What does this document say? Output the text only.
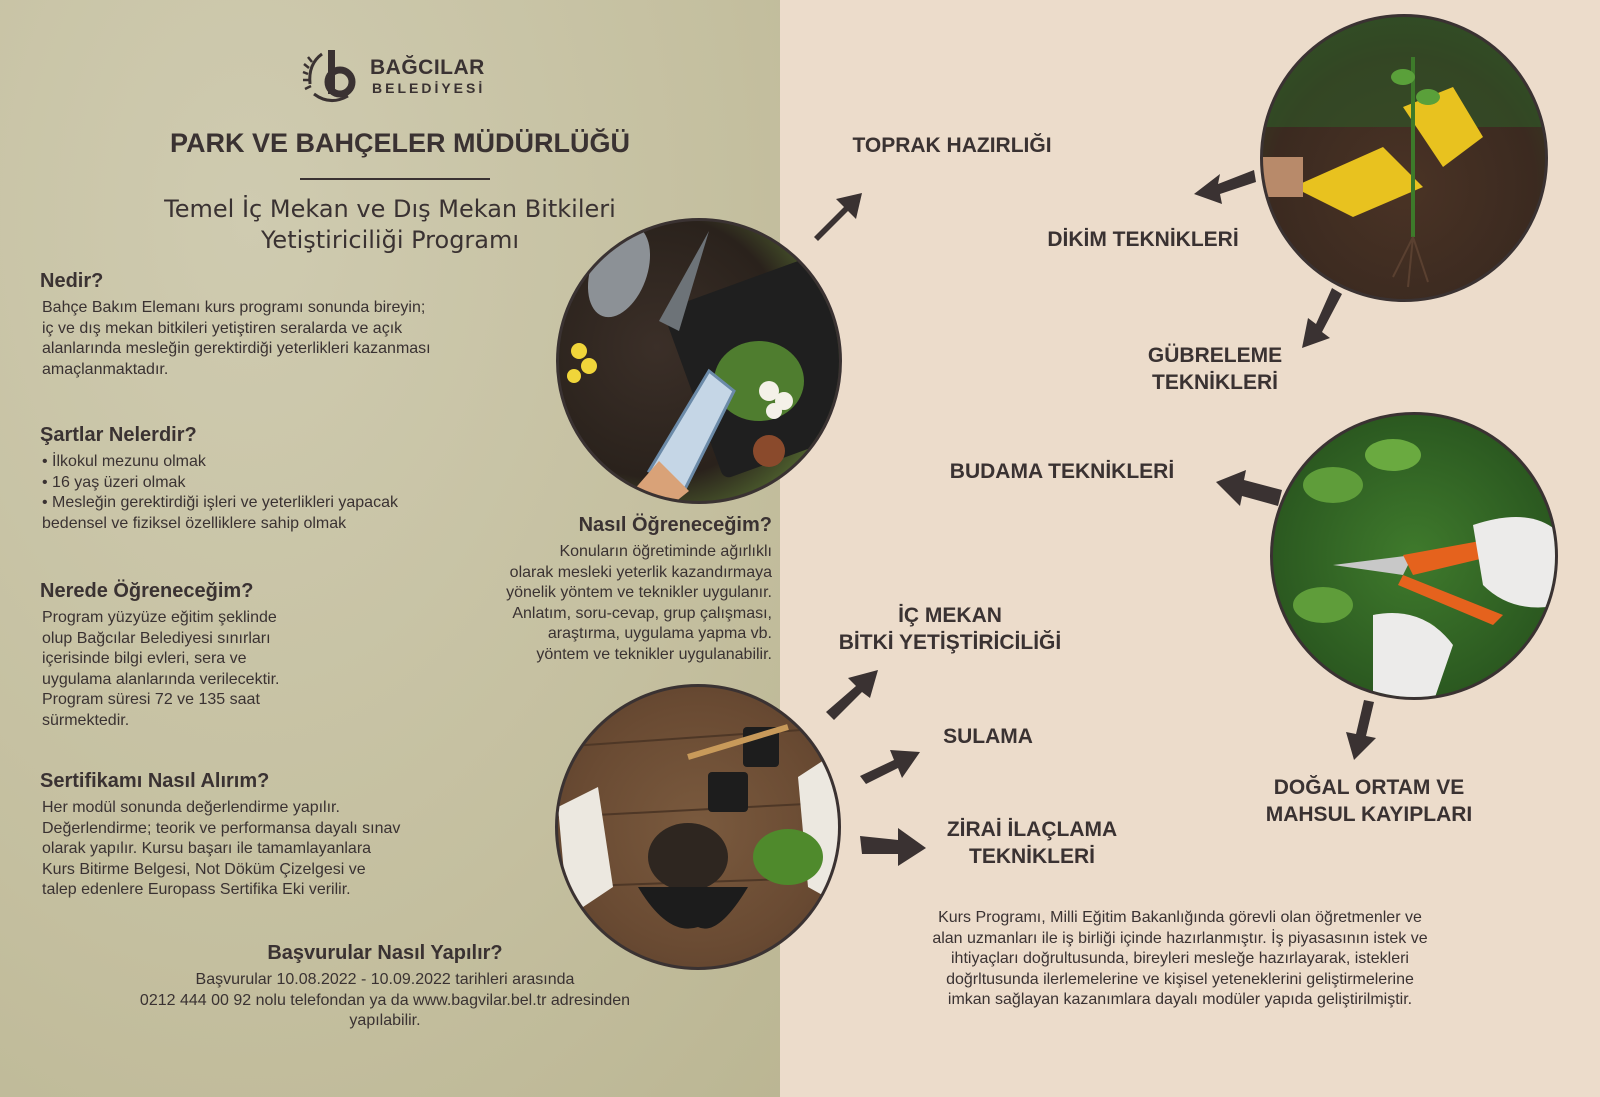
BAĞCILAR
BELEDİYESİ
PARK VE BAHÇELER MÜDÜRLÜĞÜ
Temel İç Mekan ve Dış Mekan Bitkileri
Yetiştiriciliği Programı
Nedir?
Bahçe Bakım Elemanı kurs programı sonunda bireyin;
iç ve dış mekan bitkileri yetiştiren seralarda ve açık
alanlarında mesleğin gerektirdiği yeterlikleri kazanması
amaçlanmaktadır.
Şartlar Nelerdir?
• İlkokul mezunu olmak
• 16 yaş üzeri olmak
• Mesleğin gerektirdiği işleri ve yeterlikleri yapacak
bedensel ve fiziksel özelliklere sahip olmak
Nerede Öğreneceğim?
Program yüzyüze eğitim şeklinde
olup Bağcılar Belediyesi sınırları
içerisinde bilgi evleri, sera ve
uygulama alanlarında verilecektir.
Program süresi 72 ve 135 saat
sürmektedir.
Nasıl Öğreneceğim?
Konuların öğretiminde ağırlıklı
olarak mesleki yeterlik kazandırmaya
yönelik yöntem ve teknikler uygulanır.
Anlatım, soru-cevap, grup çalışması,
araştırma, uygulama yapma vb.
yöntem ve teknikler uygulanabilir.
Sertifikamı Nasıl Alırım?
Her modül sonunda değerlendirme yapılır.
Değerlendirme; teorik ve performansa dayalı sınav
olarak yapılır. Kursu başarı ile tamamlayanlara
Kurs Bitirme Belgesi, Not Döküm Çizelgesi ve
talep edenlere Europass Sertifika Eki verilir.
Başvurular Nasıl Yapılır?
Başvurular 10.08.2022 - 10.09.2022 tarihleri arasında
0212 444 00 92 nolu telefondan ya da www.bagvilar.bel.tr adresinden
yapılabilir.
TOPRAK HAZIRLIĞI
DİKİM TEKNİKLERİ
GÜBRELEME
TEKNİKLERİ
BUDAMA TEKNİKLERİ
İÇ MEKAN
BİTKİ YETİŞTİRİCİLİĞİ
SULAMA
ZİRAİ İLAÇLAMA
TEKNİKLERİ
DOĞAL ORTAM VE
MAHSUL KAYIPLARI
Kurs Programı, Milli Eğitim Bakanlığında görevli olan öğretmenler ve
alan uzmanları ile iş birliği içinde hazırlanmıştır. İş piyasasının istek ve
ihtiyaçları doğrultusunda, bireyleri mesleğe hazırlayarak, istekleri
doğrltusunda ilerlemelerine ve kişisel yeteneklerini geliştirmelerine
imkan sağlayan kazanımlara dayalı modüler yapıda geliştirilmiştir.
